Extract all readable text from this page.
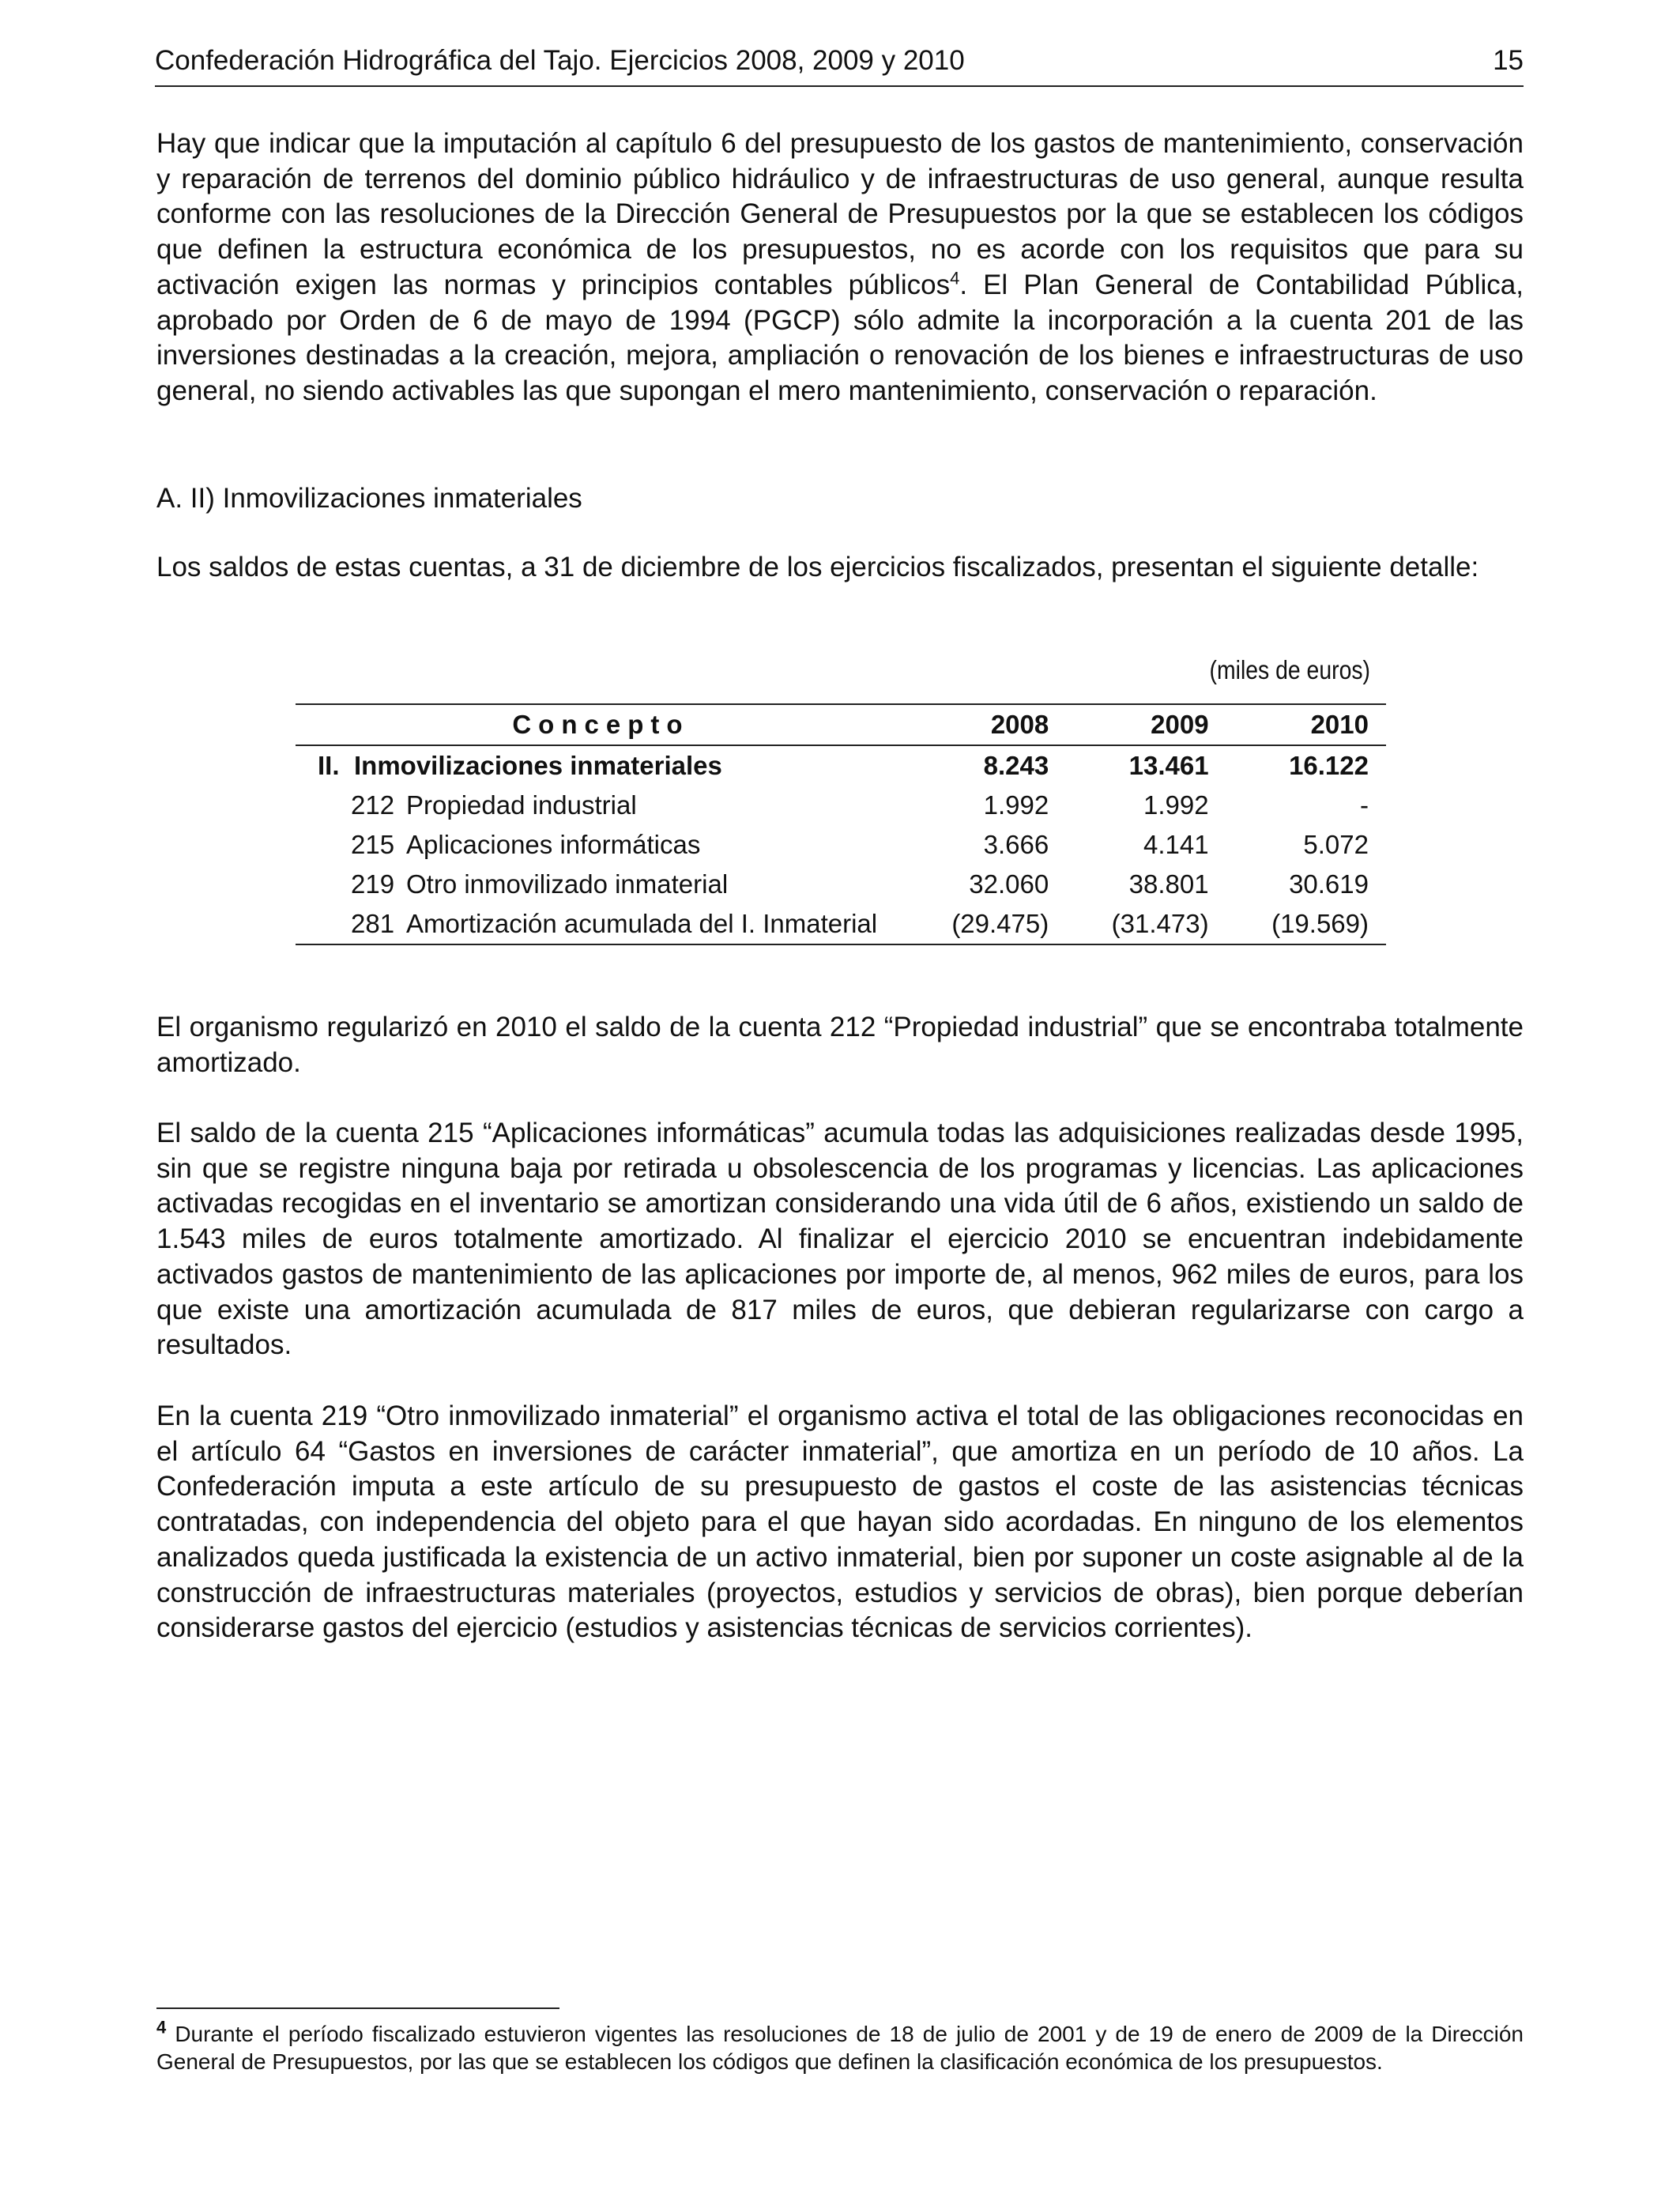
Confederación Hidrográfica del Tajo. Ejercicios 2008, 2009 y 2010	15

Hay que indicar que la imputación al capítulo 6 del presupuesto de los gastos de mantenimiento, conservación y reparación de terrenos del dominio público hidráulico y de infraestructuras de uso general, aunque resulta conforme con las resoluciones de la Dirección General de Presupuestos por la que se establecen los códigos que definen la estructura económica de los presupuestos, no es acorde con los requisitos que para su activación exigen las normas y principios contables públicos$^4$. El Plan General de Contabilidad Pública, aprobado por Orden de 6 de mayo de 1994 (PGCP) sólo admite la incorporación a la cuenta 201 de las inversiones destinadas a la creación, mejora, ampliación o renovación de los bienes e infraestructuras de uso general, no siendo activables las que supongan el mero mantenimiento, conservación o reparación.

A. II) Inmovilizaciones inmateriales

Los saldos de estas cuentas, a 31 de diciembre de los ejercicios fiscalizados, presentan el siguiente detalle:

(miles de euros)
Concepto	2008	2009	2010
II. Inmovilizaciones inmateriales	8.243	13.461	16.122
212 Propiedad industrial	1.992	1.992	-
215 Aplicaciones informáticas	3.666	4.141	5.072
219 Otro inmovilizado inmaterial	32.060	38.801	30.619
281 Amortización acumulada del I. Inmaterial	(29.475)	(31.473)	(19.569)

El organismo regularizó en 2010 el saldo de la cuenta 212 “Propiedad industrial” que se encontraba totalmente amortizado.

El saldo de la cuenta 215 “Aplicaciones informáticas” acumula todas las adquisiciones realizadas desde 1995, sin que se registre ninguna baja por retirada u obsolescencia de los programas y licencias. Las aplicaciones activadas recogidas en el inventario se amortizan considerando una vida útil de 6 años, existiendo un saldo de 1.543 miles de euros totalmente amortizado. Al finalizar el ejercicio 2010 se encuentran indebidamente activados gastos de mantenimiento de las aplicaciones por importe de, al menos, 962 miles de euros, para los que existe una amortización acumulada de 817 miles de euros, que debieran regularizarse con cargo a resultados.

En la cuenta 219 “Otro inmovilizado inmaterial” el organismo activa el total de las obligaciones reconocidas en el artículo 64 “Gastos en inversiones de carácter inmaterial”, que amortiza en un período de 10 años. La Confederación imputa a este artículo de su presupuesto de gastos el coste de las asistencias técnicas contratadas, con independencia del objeto para el que hayan sido acordadas. En ninguno de los elementos analizados queda justificada la existencia de un activo inmaterial, bien por suponer un coste asignable al de la construcción de infraestructuras materiales (proyectos, estudios y servicios de obras), bien porque deberían considerarse gastos del ejercicio (estudios y asistencias técnicas de servicios corrientes).

$^4$ Durante el período fiscalizado estuvieron vigentes las resoluciones de 18 de julio de 2001 y de 19 de enero de 2009 de la Dirección General de Presupuestos, por las que se establecen los códigos que definen la clasificación económica de los presupuestos.
